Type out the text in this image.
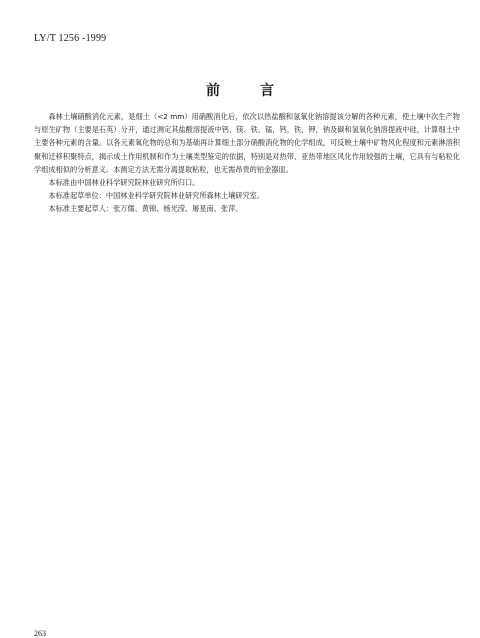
LY/T 1256 -1999
前言

森林土壤硝酸消化元素，是细土（<2 mm）用硝酸消化后，依次以热盐酸和氢氧化钠溶提该分解的各种元素，使土壤中次生产物与原生矿物（主要是石英）分开，通过测定其盐酸溶提液中钙、镁、铁、锰，钙，铁，钾，钠及碳和氢氧化钠溶提液中硅，计算细土中主要各种元素的含量。以各元素氧化物的总和为基础再计算细土部分硝酸消化物的化学组成，可反映土壤中矿物风化程度和元素淋溶积聚和迁移积聚特点，揭示成土作用机制和作为土壤类型鉴定的依据，特别是对热带、亚热带地区风化作用较强的土壤，它具有与粘粒化学组成相似的分析意义。本测定方法无需分离提取粘粒，也无需昂贵的铂金器皿。

本标准由中国林业科学研究院林业研究所归口。

本标准起草单位：中国林业科学研究院林业研究所森林土壤研究室。

本标准主要起草人：张万儒、黄锦、杨光滢、屠星南、张萍。

263
